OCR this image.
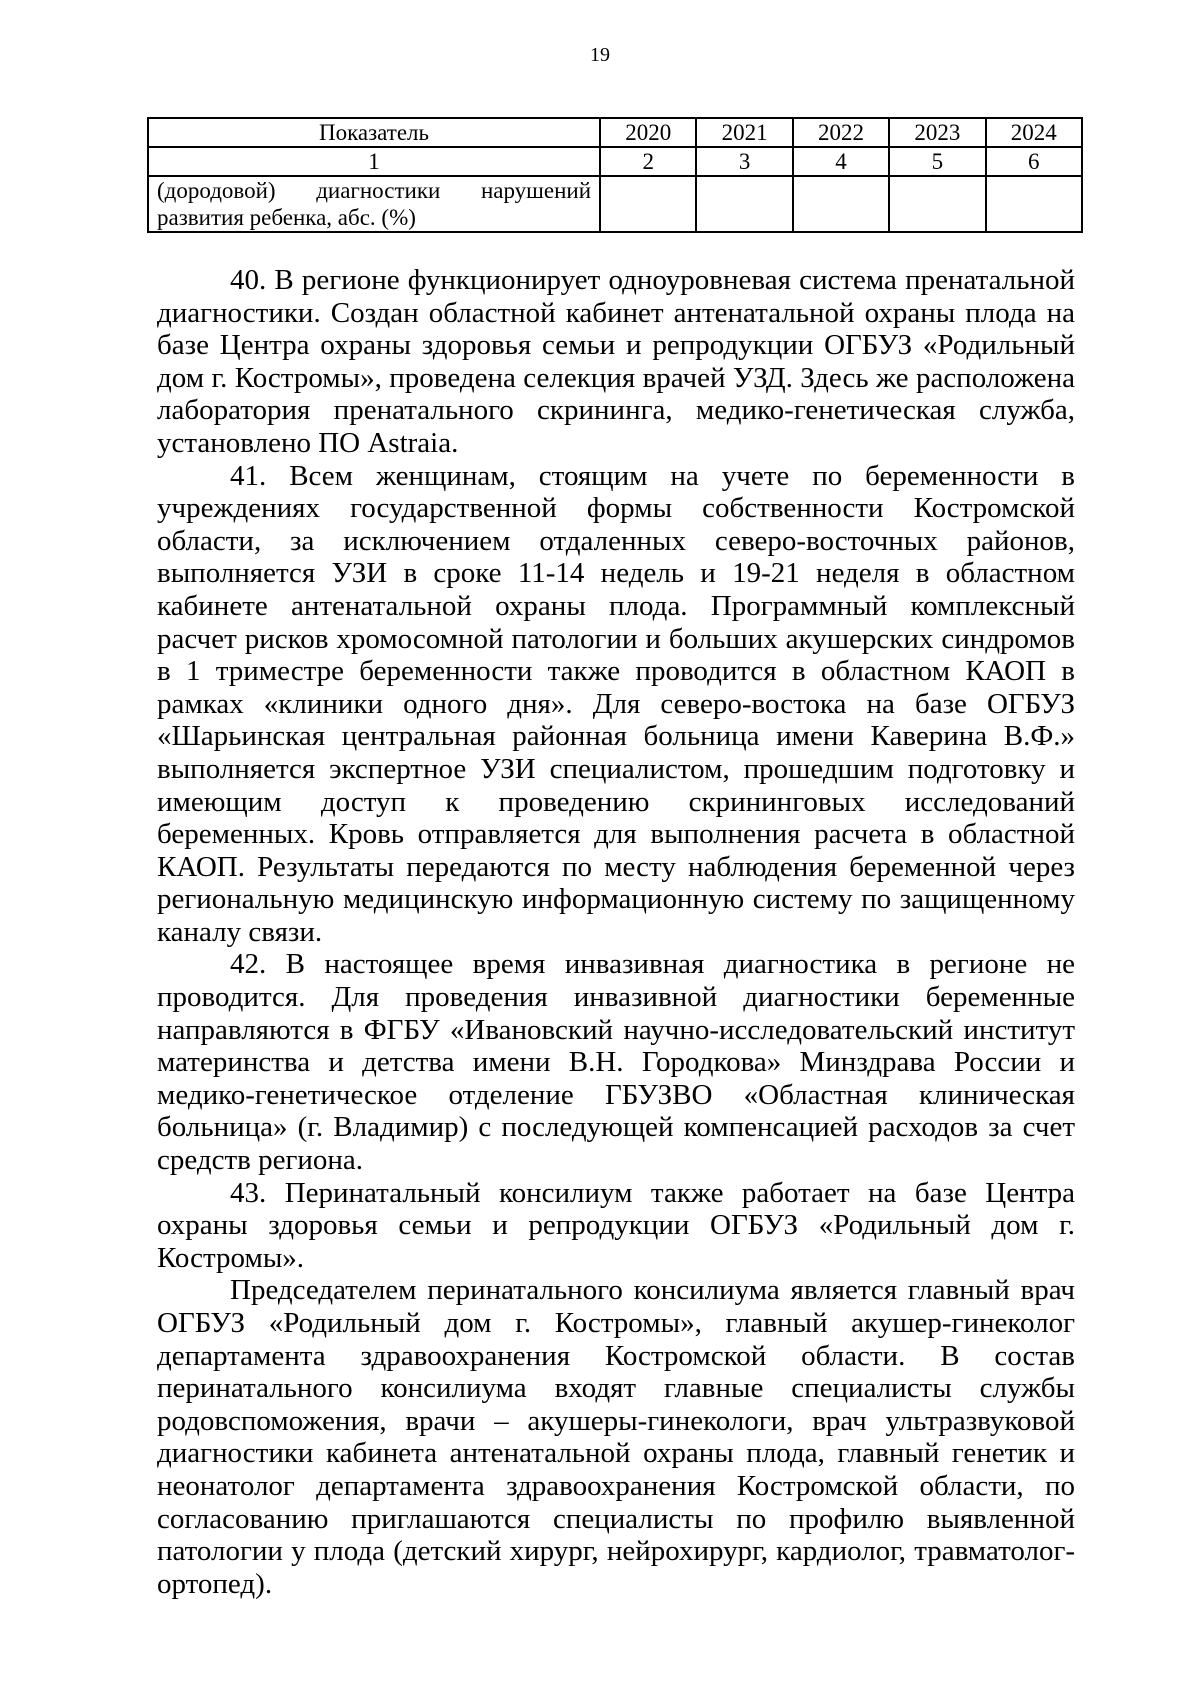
19
Показатель	2020	2021	2022	2023	2024
1	2	3	4	5	6

(дородовой) диагностики нарушений
развития ребенка, абс. (%)					

40. В регионе функционирует одноуровневая система пренатальной диагностики. Создан областной кабинет антенатальной охраны плода на базе Центра охраны здоровья семьи и репродукции ОГБУЗ «Родильный дом г. Костромы», проведена селекция врачей УЗД. Здесь же расположена лаборатория пренатального скрининга, медико-генетическая служба, установлено ПО Astraia.

41. Всем женщинам, стоящим на учете по беременности в учреждениях государственной формы собственности Костромской области, за исключением отдаленных северо-восточных районов, выполняется УЗИ в сроке 11-14 недель и 19-21 неделя в областном кабинете антенатальной охраны плода. Программный комплексный расчет рисков хромосомной патологии и больших акушерских синдромов в 1 триместре беременности также проводится в областном КАОП в рамках «клиники одного дня». Для северо-востока на базе ОГБУЗ «Шарьинская центральная районная больница имени Каверина В.Ф.» выполняется экспертное УЗИ специалистом, прошедшим подготовку и имеющим доступ к проведению скрининговых исследований беременных. Кровь отправляется для выполнения расчета в областной КАОП. Результаты передаются по месту наблюдения беременной через региональную медицинскую информационную систему по защищенному каналу связи.

42. В настоящее время инвазивная диагностика в регионе не проводится. Для проведения инвазивной диагностики беременные направляются в ФГБУ «Ивановский научно-исследовательский институт материнства и детства имени В.Н. Городкова» Минздрава России и медико-генетическое отделение ГБУЗВО «Областная клиническая больница» (г. Владимир) с последующей компенсацией расходов за счет средств региона.

43. Перинатальный консилиум также работает на базе Центра охраны здоровья семьи и репродукции ОГБУЗ «Родильный дом г. Костромы».

Председателем перинатального консилиума является главный врач ОГБУЗ «Родильный дом г. Костромы», главный акушер-гинеколог департамента здравоохранения Костромской области. В состав перинатального консилиума входят главные специалисты службы родовспоможения, врачи – акушеры-гинекологи, врач ультразвуковой диагностики кабинета антенатальной охраны плода, главный генетик и неонатолог департамента здравоохранения Костромской области, по согласованию приглашаются специалисты по профилю выявленной патологии у плода (детский хирург, нейрохирург, кардиолог, травматолог-ортопед).
